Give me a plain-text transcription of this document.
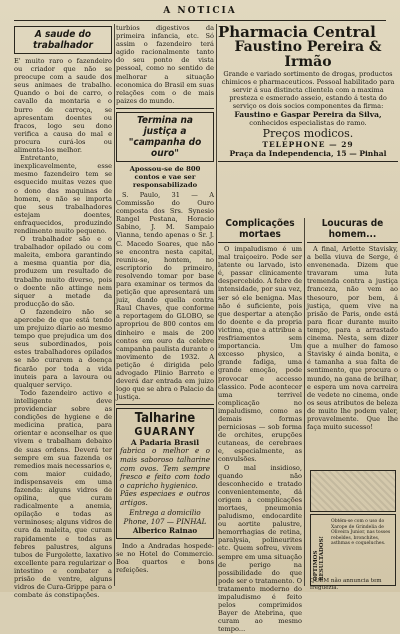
A NOTICIA
A saude do trabalhador

E' muito raro o fazendeiro ou criador que não se preocupe com a saude dos seus animaes de trabalho. Quando o boi de carro, o cavallo da montaria e o burro de carroça, se apresentam doentes ou fracos, logo seu dono verifica a causa do mal e procura curá-los ou alimenta-los melhor.

Entretanto, inexplicavelmente, esse mesmo fazendeiro tem se esquecido muitas vezes que o dono das maquinas de homem, e não se importa que seus trabalhadores estejam doentes, enfraquecidos, produzindo rendimento muito pequeno.

O trabalhador são e o trabalhador opilado ou com maleita, embora garantindo a mesma quantia por dia, produzem um resultado de trabalho muito diverso, pois o doente não attinge nem siquer a metade da producção do são.

O fazendeiro não se apercebe de que está tendo um prejuizo diario ao mesmo tempo que prejudica um dos seus subordinados, pois estes trabalhadores opilados se não curarem a doença ficarão por toda a vida inuteis para a lavoura ou qualquer serviço.

Todo fazendeiro activo e intelligente deve providenciar sobre as condições de hygiene e de medicina pratica, para orientar e aconselhar os que vivem e trabalham debaixo de suas ordens. Deverá ter sempre em sua fazenda os remedios mais necessarios e, com maior cuidado, indispensaveis em uma fazenda: alguns vidros de opilina, que curam radicalmente a anemia, opilação e todas as verminoses; alguns vidros de cura da maleita, que curam rapidamente e todas as febres palustres, alguns tubos de Furgolette, laxativo excellente para regularizar o intestino e combater a prisão de ventre, alguns vidros de Cura-Grippe para o combate ás constipações.

turbios digestivos da primeira infancia, etc. Só assim o fazendeiro terá agido racionalmente tanto do seu ponto de vista pessoal, como no sentido de melhorar a situação economica do Brasil em suas relações com o de mais paizes do mundo.

Termina na justiça a "campanha do ouro"
Apossou-se de 800 contos e vae ser responsabilizado

S. Paulo, 31 — A Commissão do Ouro composta dos Srs. Synesio Rangel Pestana, Horacio Sabino, J. M. Sampaio Vianna, tendo apenas o Sr. J. C. Macedo Soares, que não se encontra nesta capital, reuniu-se, hontem, no escriptorio do primeiro, resolvendo tomar por base para examinar os termos da petição que apresentará um juiz, dando quella contra Raul Chaves, que conforme a reportagem do GLOBO, se apropriou de 800 contos em dinheiro e mais de 200 contos em ouro da celebre campanha paulista durante o movimento de 1932. A petição é dirigida pelo advogado Plinio Barreto e deverá dar entrada em juizo logo que se abra o Palacio da Justiça.

Talharine
GUARANY
A Padaria Brasil

fabrica o melhor e o mais saboroso talharine com ovos. Tem sempre fresco e feito com todo o capricho hygienico.

Pães especiaes e outros artigos.

Entrega a domicilio
Phone, 107 — PINHAL
Alberico Rainao

Indo a Andradas hospede-se no Hotel do Commercio. Boa quartos e bons refeições.

Pharmacia Central
Faustino Pereira & Irmão

Grande e variado sortimento de drogas, productos chimicos e pharmaceuticos. Pessoal habilitado para servir á sua distincta clientela com a maxima presteza e esmerado asseio, estando á testa do serviço os dois socios componentes da firma:

Faustino e Gaspar Pereira da Silva,
conhecidos especialistas do ramo.
Preços modicos.
TELEPHONE — 29
Praça da Independencia, 15 — Pinhal
Complicações mortaes

O impaludismo é um mal traiçoeiro. Pode ser latente ou larvado, isto é, passar clinicamente despercebido. A febre de intensidade, por sua vez, ser só ele benigna. Mas não é suficiente, pois que despertar a atenção do doente e da propria victima, que a attribue a resfriamentos sem importancia. Um excesso physico, a grande fadiga, uma grande emoção, pode provocar e accesso classico. Pode acontecer uma terrivel complicação no impaludismo, como as demais formas perniciosas — sob forma de orchites, erupções cutaneas, de cerebraes e, especialmente, as convulsões.

O mal insidioso, quando não desconhecido e tratado convenientemente, dá origem a complicações mortaes, pneumonia paludismo, endocardite ou aortite palustre, hemorrhagias de retina, paralysia, polineurites etc. Quem sofreu, vivem sempre em uma situação de perigo na possibilidade do que pode ser o tratamento. O tratamento moderno do impaludismo é feito pelos comprimidos Bayer de Atebrina, que curam ao mesmo tempo...

Loucuras de homem...

A final, Arlette Stavisky, a bella viuva de Serge, é envenenada. Dizem que travaram uma luta tremenda contra a justiça franceza, não vem ao thesouro, por bem, á justiça, quem vive na prisão de Paris, onde está para ficar durante muito tempo, para a arrastado cinema. Nesta, sem dizer que a mulher do famoso Stavisky é ainda bonita, e é tamanha a sua falta de sentimento, que procura o mundo, na gana de brilhar, e espera um nova carreira de vedete no cinema, onde os seus atributos de beleza de muito lhe podem valer, provavelmente. Que lhe faça muito sucesso!

OPTIMOS RESULTADOS!
Obtém-se com o uso do Xarope de Grindelia de Oliveira Junior, nas tosses rebeldes, bronchites, asthmas e coqueluches.
QUEM não annuncia tem freguezia.
